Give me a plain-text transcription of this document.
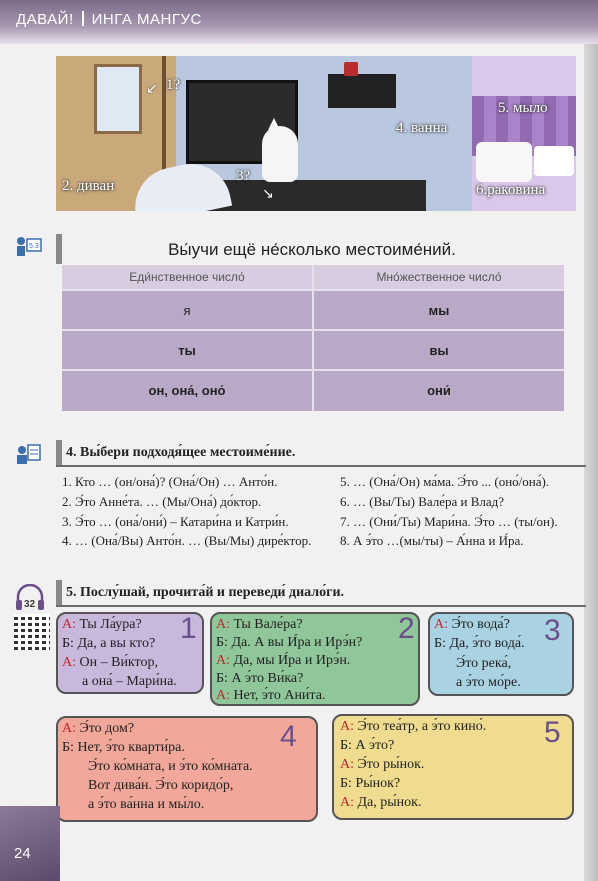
ДАВАЙ! ИНГА МАНГУС
1?
↙
2. диван
3?
↘
4. ванна
5. мыло
6.раковина
5.3	Вы́учи ещё не́сколько местоиме́ний.
Еди́нственное число́	Мно́жественное число́
я	мы
ты	вы
он, она́, оно́	они́
4. Вы́бери подходя́щее местоиме́ние.
1. Кто … (он/она́)? (Она́/Он) … Анто́н.
2. Э́то Анне́та. … (Мы/Она́) до́ктор.
3. Э́то … (она́/они́) – Катари́на и Катри́н.
4. … (Она́/Вы) Анто́н. … (Вы/Мы) дире́ктор.
5. … (Она́/Он) ма́ма. Э́то ... (оно́/она́).
6. … (Вы/Ты) Вале́ра и Влад?
7. … (Они́/Ты) Мари́на. Э́то … (ты/он).
8. А э́то …(мы/ты) – А́нна и И́ра.
32
5. Послу́шай, прочита́й и переведи́ диало́ги.
1
А: Ты Ла́ура?
Б: Да, а вы кто?
А: Он – Ви́ктор,
а она́ – Мари́на.
2
А: Ты Вале́ра?
Б: Да. А вы И́ра и Ирэ́н?
А: Да, мы И́ра и Ирэ́н.
Б: А э́то Ви́ка?
А: Нет, э́то Ани́та.
3
А: Э́то вода́?
Б: Да, э́то вода́.
Э́то река́,
а э́то мо́ре.
4
А: Э́то дом?
Б: Нет, э́то кварти́ра.
Э́то ко́мната, и э́то ко́мната.
Вот дива́н. Э́то коридо́р,
а э́то ва́нна и мы́ло.
5
А: Э́то теа́тр, а э́то кино́.
Б: А э́то?
А: Э́то ры́нок.
Б: Ры́нок?
А: Да, ры́нок.
24
